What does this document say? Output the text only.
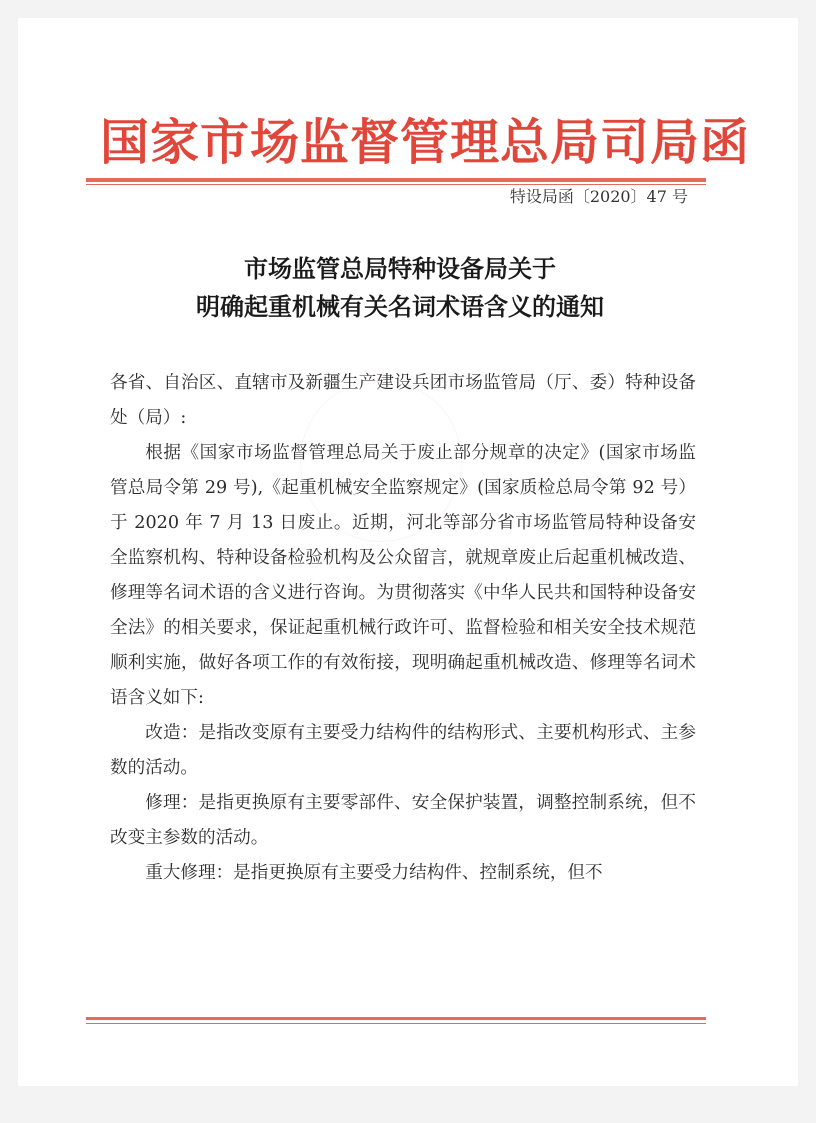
国家市场监督管理总局司局函
特设局函〔2020〕47 号
市场监管总局特种设备局关于
明确起重机械有关名词术语含义的通知

各省、自治区、直辖市及新疆生产建设兵团市场监管局（厅、委）特种设备处（局）:

根据《国家市场监督管理总局关于废止部分规章的决定》(国家市场监管总局令第 29 号),《起重机械安全监察规定》(国家质检总局令第 92 号）于 2020 年 7 月 13 日废止。近期，河北等部分省市场监管局特种设备安全监察机构、特种设备检验机构及公众留言，就规章废止后起重机械改造、修理等名词术语的含义进行咨询。为贯彻落实《中华人民共和国特种设备安全法》的相关要求，保证起重机械行政许可、监督检验和相关安全技术规范顺利实施，做好各项工作的有效衔接，现明确起重机械改造、修理等名词术语含义如下:

改造：是指改变原有主要受力结构件的结构形式、主要机构形式、主参数的活动。

修理：是指更换原有主要零部件、安全保护装置，调整控制系统，但不改变主参数的活动。

重大修理：是指更换原有主要受力结构件、控制系统，但不
